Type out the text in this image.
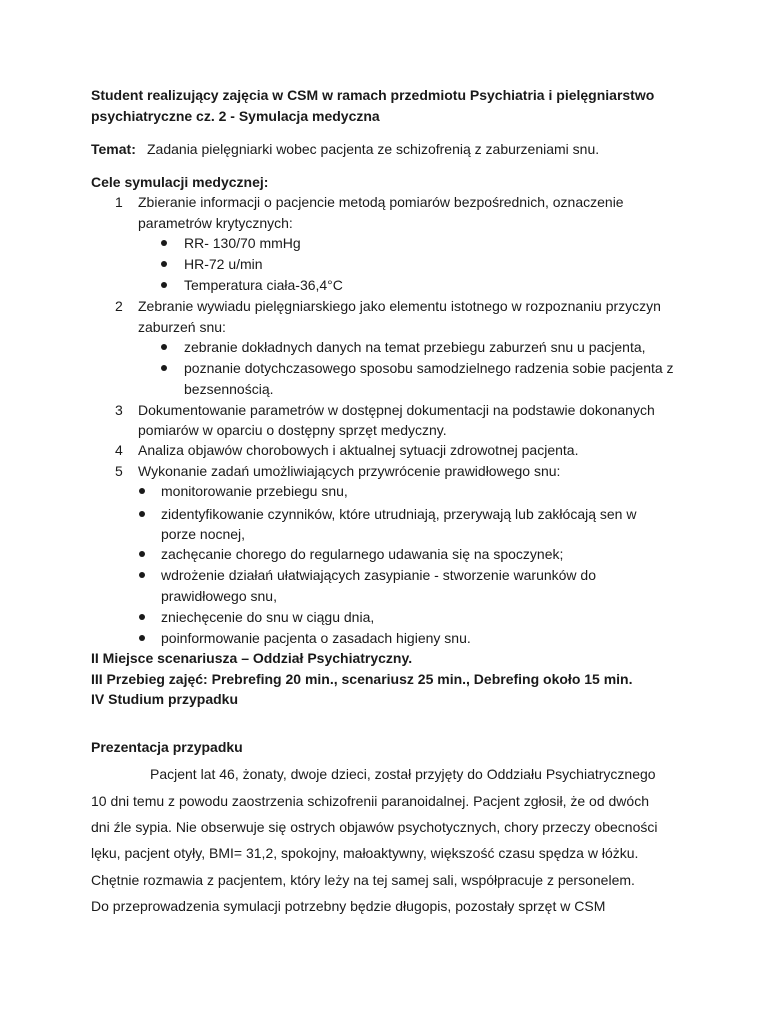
Student realizujący zajęcia w CSM w ramach przedmiotu Psychiatria i pielęgniarstwo
psychiatryczne cz. 2 - Symulacja medyczna
Temat: Zadania pielęgniarki wobec pacjenta ze schizofrenią z zaburzeniami snu.
Cele symulacji medycznej:
1 Zbieranie informacji o pacjencie metodą pomiarów bezpośrednich, oznaczenie
parametrów krytycznych:
RR- 130/70 mmHg
HR-72 u/min
Temperatura ciała-36,4°C
2 Zebranie wywiadu pielęgniarskiego jako elementu istotnego w rozpoznaniu przyczyn
zaburzeń snu:
zebranie dokładnych danych na temat przebiegu zaburzeń snu u pacjenta,
poznanie dotychczasowego sposobu samodzielnego radzenia sobie pacjenta z
bezsennością.
3 Dokumentowanie parametrów w dostępnej dokumentacji na podstawie dokonanych
pomiarów w oparciu o dostępny sprzęt medyczny.
4 Analiza objawów chorobowych i aktualnej sytuacji zdrowotnej pacjenta.
5 Wykonanie zadań umożliwiających przywrócenie prawidłowego snu:
monitorowanie przebiegu snu,
zidentyfikowanie czynników, które utrudniają, przerywają lub zakłócają sen w
porze nocnej,
zachęcanie chorego do regularnego udawania się na spoczynek;
wdrożenie działań ułatwiających zasypianie - stworzenie warunków do
prawidłowego snu,
zniechęcenie do snu w ciągu dnia,
poinformowanie pacjenta o zasadach higieny snu.
II Miejsce scenariusza – Oddział Psychiatryczny.
III Przebieg zajęć: Prebrefing 20 min., scenariusz 25 min., Debrefing około 15 min.
IV Studium przypadku
Prezentacja przypadku
Pacjent lat 46, żonaty, dwoje dzieci, został przyjęty do Oddziału Psychiatrycznego
10 dni temu z powodu zaostrzenia schizofrenii paranoidalnej. Pacjent zgłosił, że od dwóch
dni źle sypia. Nie obserwuje się ostrych objawów psychotycznych, chory przeczy obecności
lęku, pacjent otyły, BMI= 31,2, spokojny, małoaktywny, większość czasu spędza w łóżku.
Chętnie rozmawia z pacjentem, który leży na tej samej sali, współpracuje z personelem.
Do przeprowadzenia symulacji potrzebny będzie długopis, pozostały sprzęt w CSM
